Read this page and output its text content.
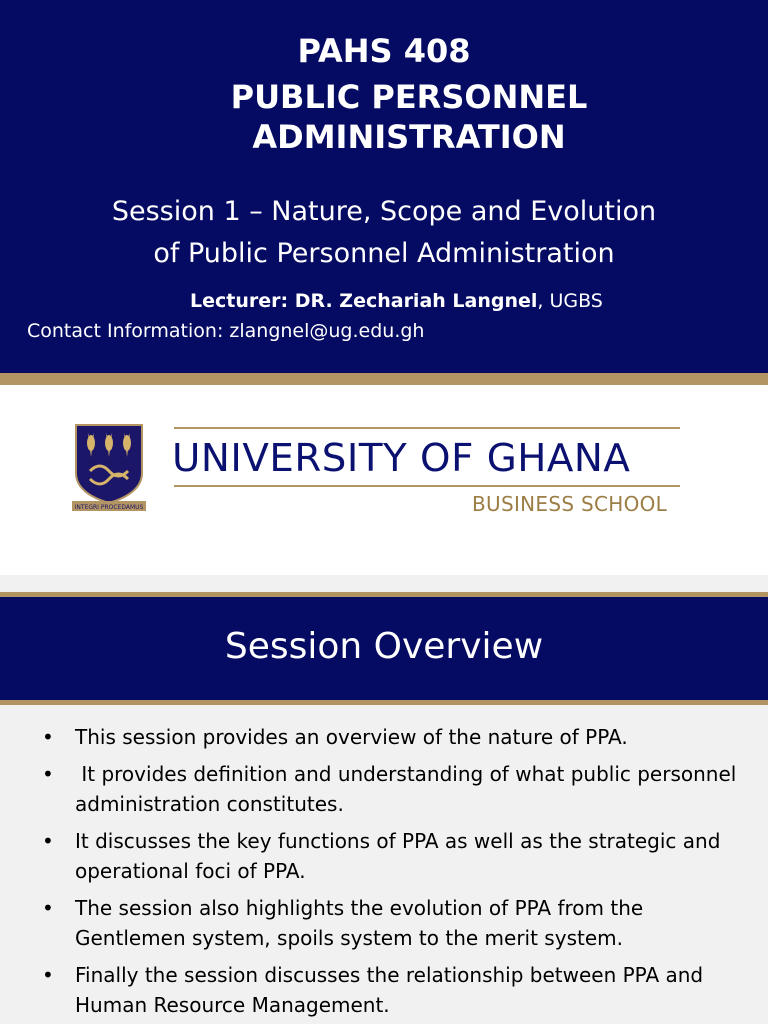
PAHS 408
PUBLIC PERSONNEL
ADMINISTRATION
Session 1 – Nature, Scope and Evolution
of Public Personnel Administration
Lecturer: DR. Zechariah Langnel, UGBS
Contact Information: zlangnel@ug.edu.gh
INTEGRI PROCEDAMUS
UNIVERSITY OF GHANA
BUSINESS SCHOOL
Session Overview
• This session provides an overview of the nature of PPA.
• It provides definition and understanding of what public personnel administration constitutes.
• It discusses the key functions of PPA as well as the strategic and operational foci of PPA.
• The session also highlights the evolution of PPA from the Gentlemen system, spoils system to the merit system.
• Finally the session discusses the relationship between PPA and Human Resource Management.
